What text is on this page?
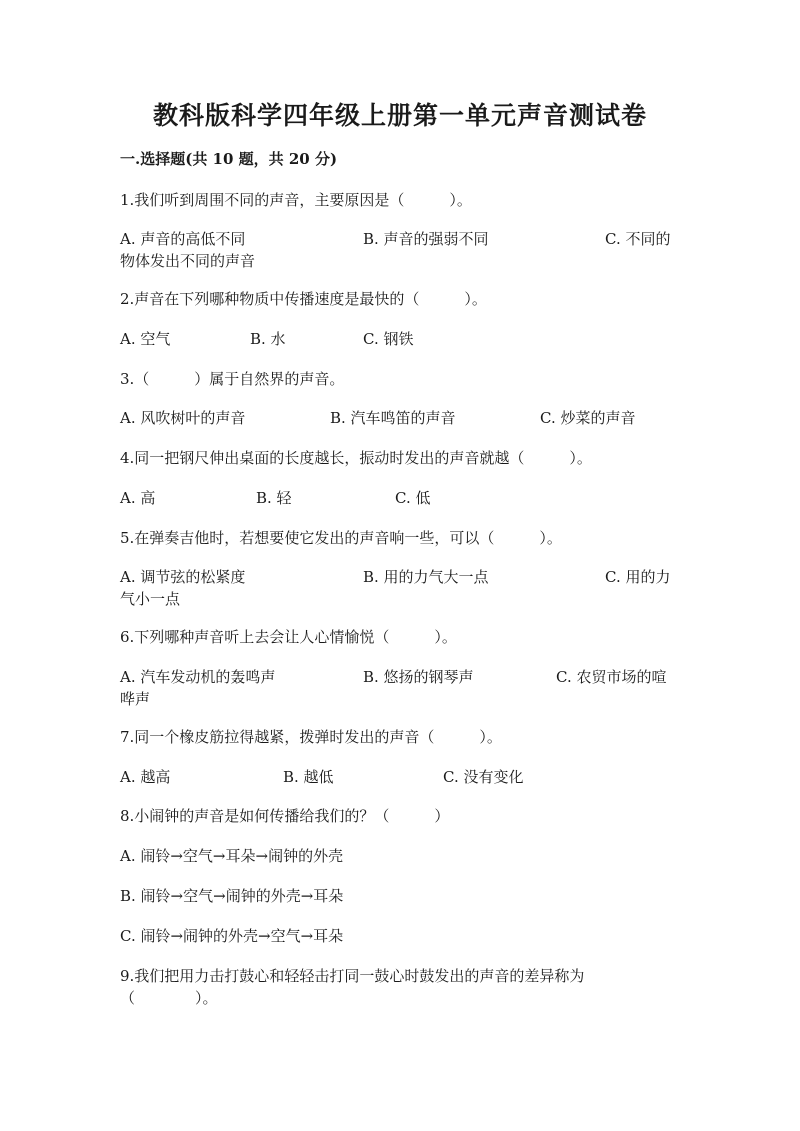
教科版科学四年级上册第一单元声音测试卷
一.选择题(共 10 题，共 20 分)
1.我们听到周围不同的声音，主要原因是（　　　）。
A. 声音的高低不同	B. 声音的强弱不同	C. 不同的
物体发出不同的声音
2.声音在下列哪种物质中传播速度是最快的（　　　）。
A. 空气	B. 水	C. 钢铁
3.（　　　）属于自然界的声音。
A. 风吹树叶的声音	B. 汽车鸣笛的声音	C. 炒菜的声音
4.同一把钢尺伸出桌面的长度越长，振动时发出的声音就越（　　　）。
A. 高	B. 轻	C. 低
5.在弹奏吉他时，若想要使它发出的声音响一些，可以（　　　）。
A. 调节弦的松紧度	B. 用的力气大一点	C. 用的力
气小一点
6.下列哪种声音听上去会让人心情愉悦（　　　）。
A. 汽车发动机的轰鸣声	B. 悠扬的钢琴声	C. 农贸市场的喧
哗声
7.同一个橡皮筋拉得越紧，拨弹时发出的声音（　　　）。
A. 越高	B. 越低	C. 没有变化
8.小闹钟的声音是如何传播给我们的？（　　　）
A. 闹铃→空气→耳朵→闹钟的外壳
B. 闹铃→空气→闹钟的外壳→耳朵
C. 闹铃→闹钟的外壳→空气→耳朵
9.我们把用力击打鼓心和轻轻击打同一鼓心时鼓发出的声音的差异称为
（　　　　）。
